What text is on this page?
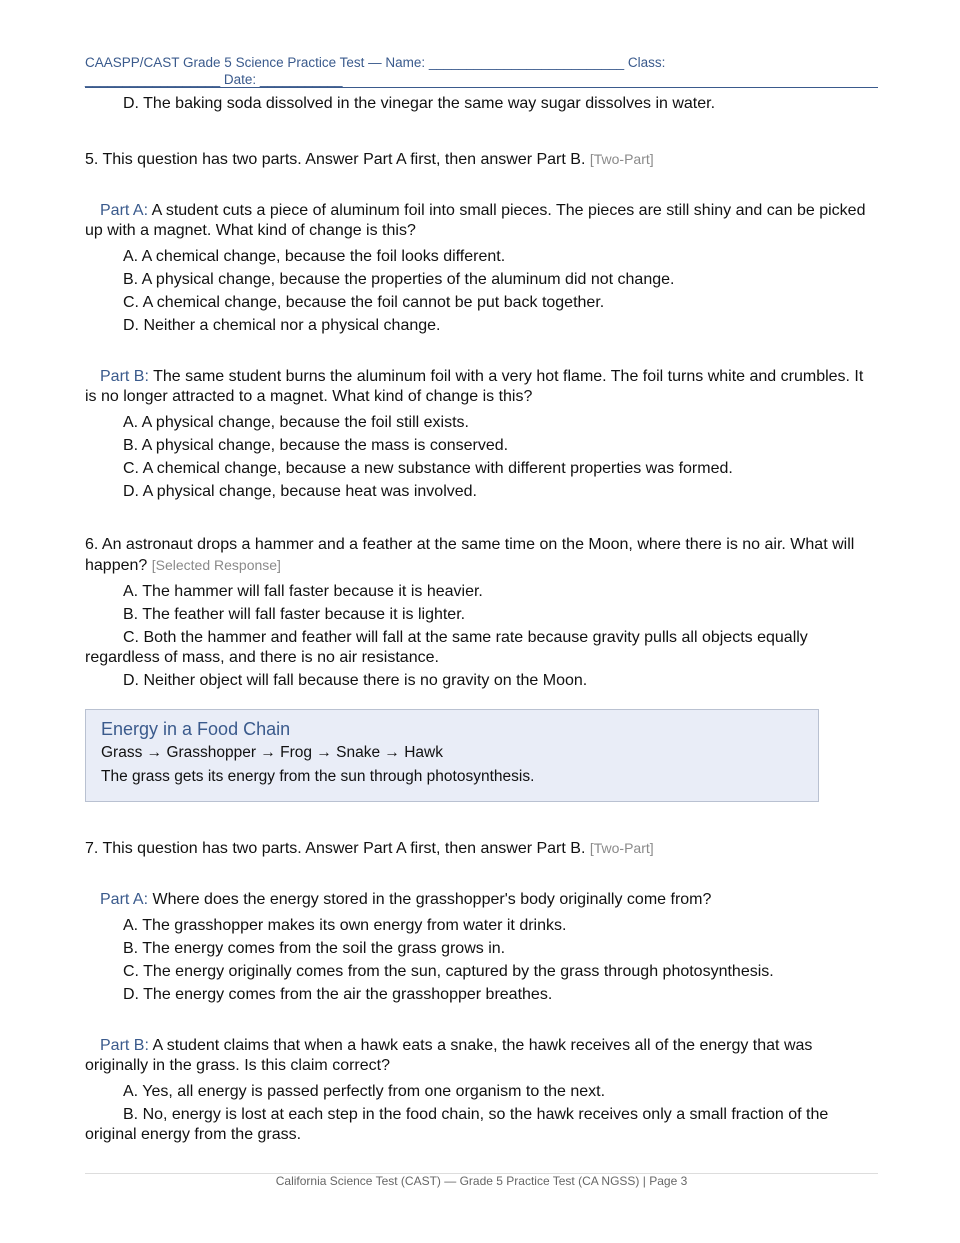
CAASPP/CAST Grade 5 Science Practice Test — Name: __________________________ Class:
__________________ Date: ___________
D. The baking soda dissolved in the vinegar the same way sugar dissolves in water.

5. This question has two parts. Answer Part A first, then answer Part B. [Two-Part]

Part A: A student cuts a piece of aluminum foil into small pieces. The pieces are still shiny and can be picked up with a magnet. What kind of change is this?
A. A chemical change, because the foil looks different.
B. A physical change, because the properties of the aluminum did not change.
C. A chemical change, because the foil cannot be put back together.
D. Neither a chemical nor a physical change.
Part B: The same student burns the aluminum foil with a very hot flame. The foil turns white and crumbles. It is no longer attracted to a magnet. What kind of change is this?
A. A physical change, because the foil still exists.
B. A physical change, because the mass is conserved.
C. A chemical change, because a new substance with different properties was formed.
D. A physical change, because heat was involved.

6. An astronaut drops a hammer and a feather at the same time on the Moon, where there is no air. What will happen? [Selected Response]

A. The hammer will fall faster because it is heavier.
B. The feather will fall faster because it is lighter.
C. Both the hammer and feather will fall at the same rate because gravity pulls all objects equally regardless of mass, and there is no air resistance.
D. Neither object will fall because there is no gravity on the Moon.
Energy in a Food Chain
Grass → Grasshopper → Frog → Snake → Hawk
The grass gets its energy from the sun through photosynthesis.

7. This question has two parts. Answer Part A first, then answer Part B. [Two-Part]

Part A: Where does the energy stored in the grasshopper's body originally come from?
A. The grasshopper makes its own energy from water it drinks.
B. The energy comes from the soil the grass grows in.
C. The energy originally comes from the sun, captured by the grass through photosynthesis.
D. The energy comes from the air the grasshopper breathes.
Part B: A student claims that when a hawk eats a snake, the hawk receives all of the energy that was originally in the grass. Is this claim correct?
A. Yes, all energy is passed perfectly from one organism to the next.
B. No, energy is lost at each step in the food chain, so the hawk receives only a small fraction of the original energy from the grass.
California Science Test (CAST) — Grade 5 Practice Test (CA NGSS) | Page 3
